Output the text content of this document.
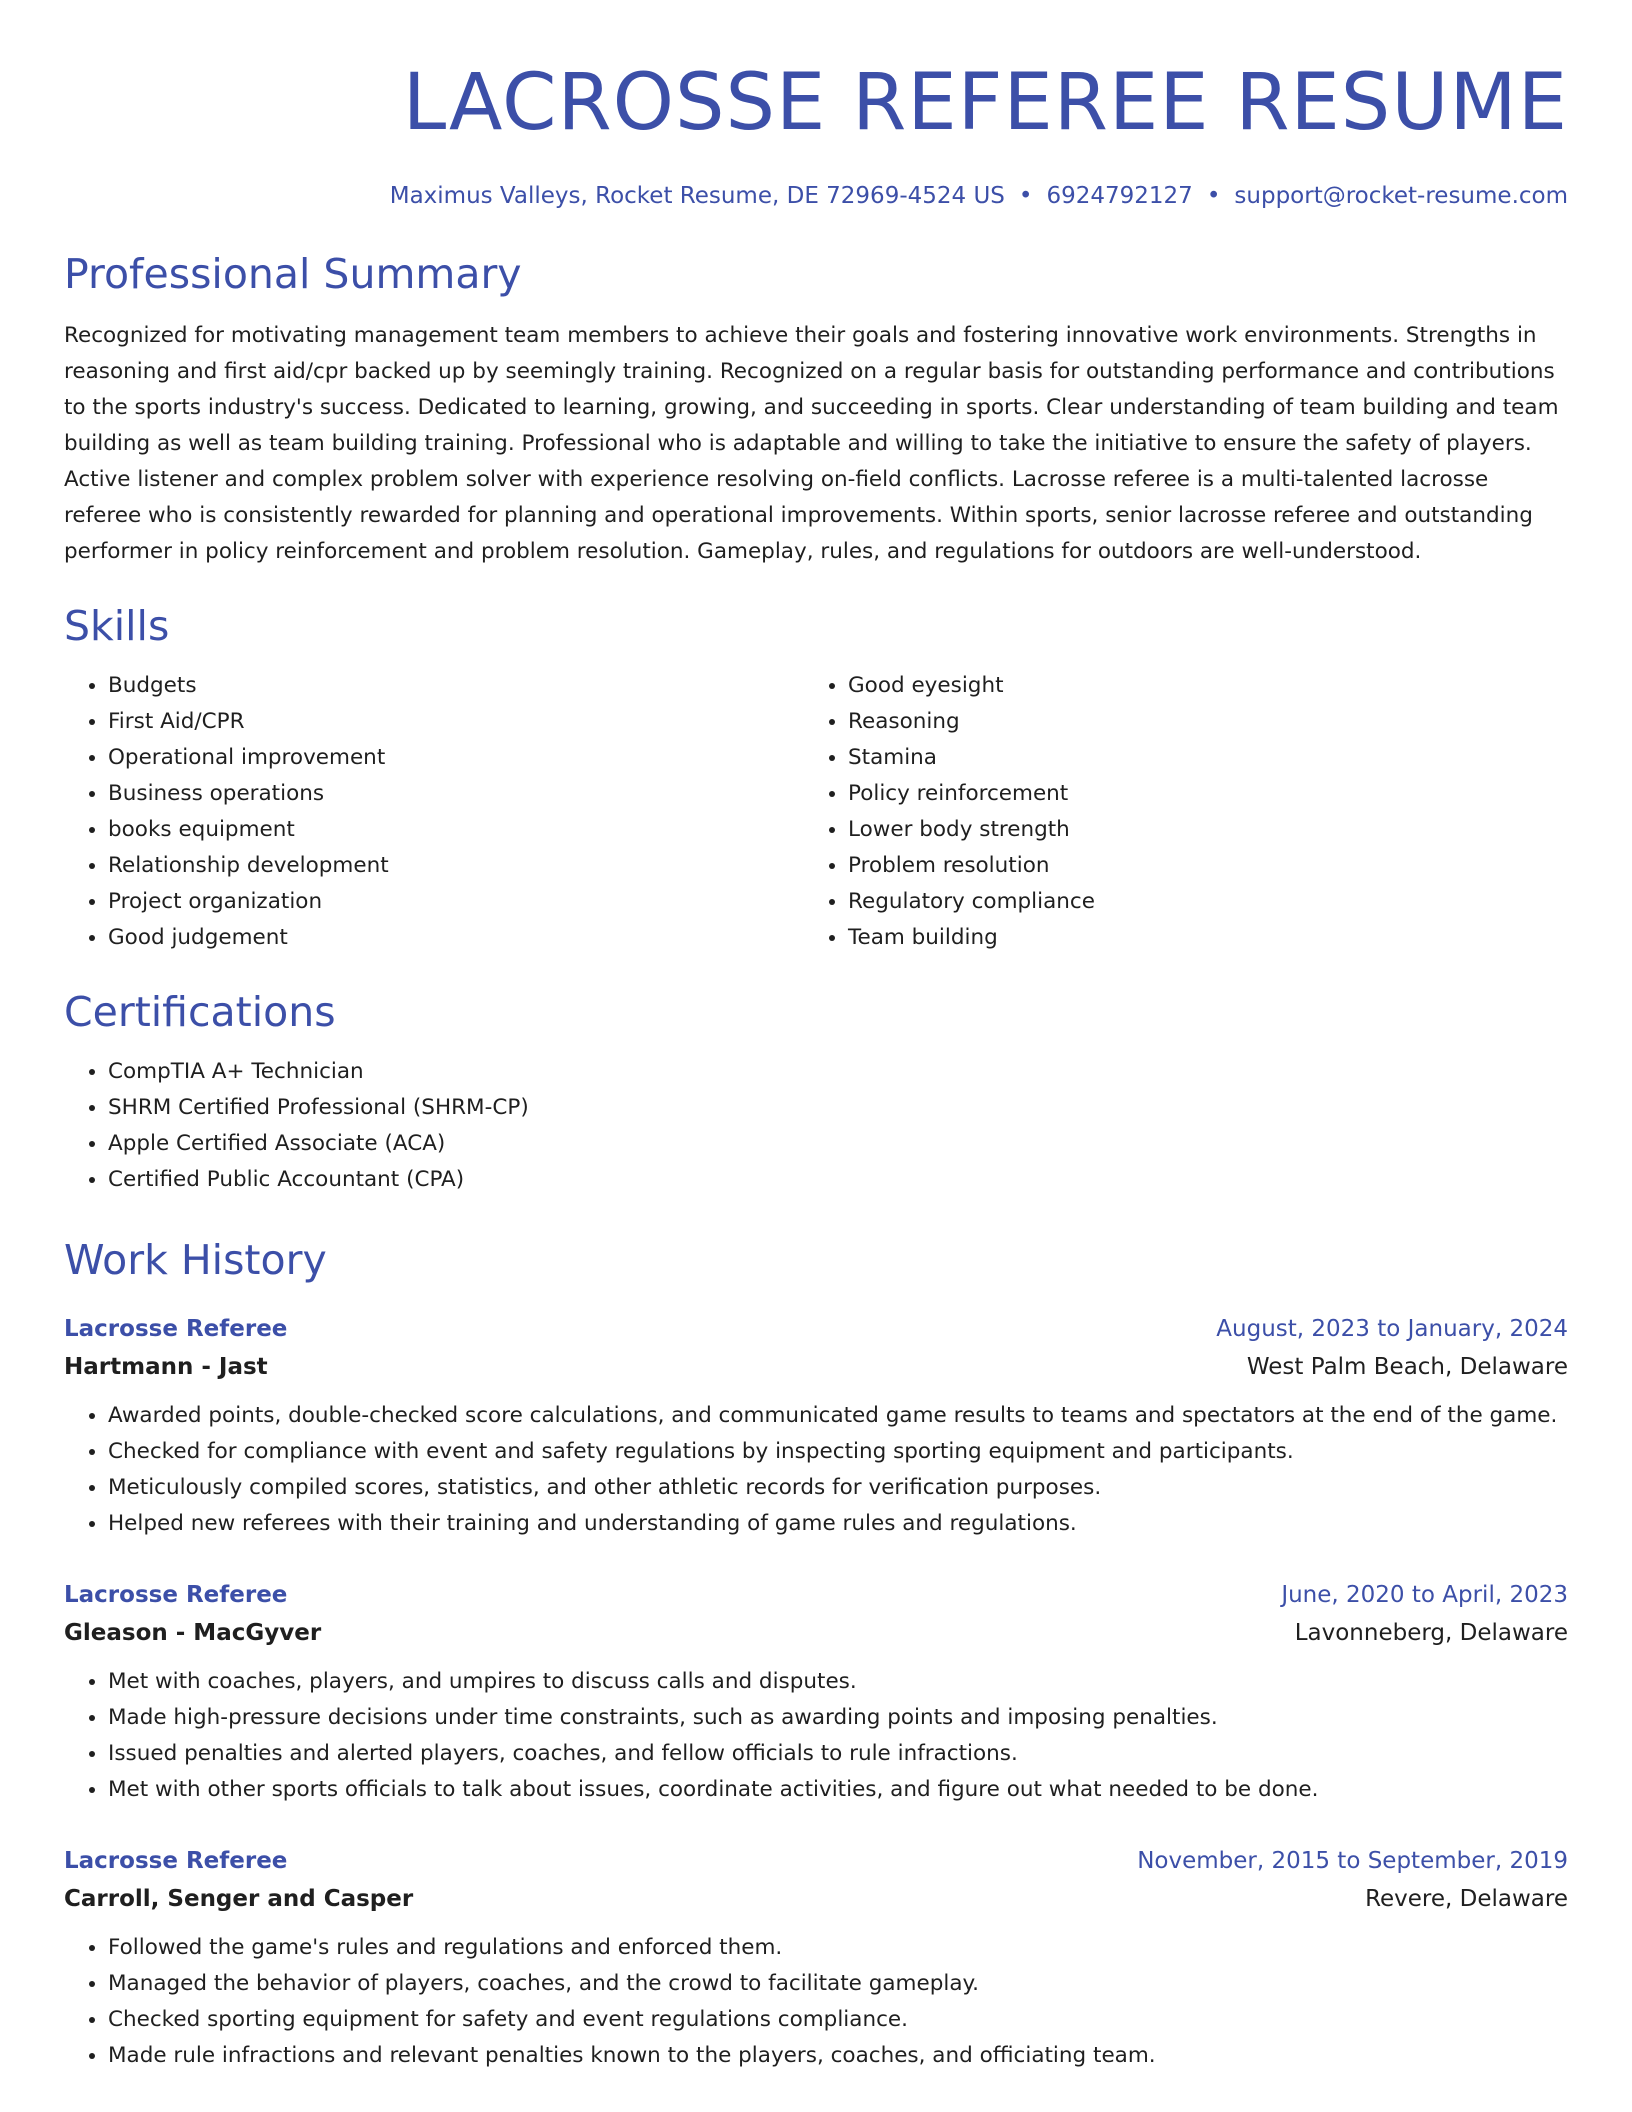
LACROSSE REFEREE RESUME
Maximus Valleys, Rocket Resume, DE 72969-4524 US • 6924792127 • support@rocket-resume.com
Professional Summary

Recognized for motivating management team members to achieve their goals and fostering innovative work environments. Strengths in reasoning and first aid/cpr backed up by seemingly training. Recognized on a regular basis for outstanding performance and contributions to the sports industry's success. Dedicated to learning, growing, and succeeding in sports. Clear understanding of team building and team building as well as team building training. Professional who is adaptable and willing to take the initiative to ensure the safety of players. Active listener and complex problem solver with experience resolving on-field conflicts. Lacrosse referee is a multi-talented lacrosse referee who is consistently rewarded for planning and operational improvements. Within sports, senior lacrosse referee and outstanding performer in policy reinforcement and problem resolution. Gameplay, rules, and regulations for outdoors are well-understood.

Skills
• Budgets
• First Aid/CPR
• Operational improvement
• Business operations
• books equipment
• Relationship development
• Project organization
• Good judgement
• Good eyesight
• Reasoning
• Stamina
• Policy reinforcement
• Lower body strength
• Problem resolution
• Regulatory compliance
• Team building
Certifications
• CompTIA A+ Technician
• SHRM Certified Professional (SHRM-CP)
• Apple Certified Associate (ACA)
• Certified Public Accountant (CPA)
Work History
Lacrosse Referee	August, 2023 to January, 2024
Hartmann - Jast	West Palm Beach, Delaware
• Awarded points, double-checked score calculations, and communicated game results to teams and spectators at the end of the game.
• Checked for compliance with event and safety regulations by inspecting sporting equipment and participants.
• Meticulously compiled scores, statistics, and other athletic records for verification purposes.
• Helped new referees with their training and understanding of game rules and regulations.
Lacrosse Referee	June, 2020 to April, 2023
Gleason - MacGyver	Lavonneberg, Delaware
• Met with coaches, players, and umpires to discuss calls and disputes.
• Made high-pressure decisions under time constraints, such as awarding points and imposing penalties.
• Issued penalties and alerted players, coaches, and fellow officials to rule infractions.
• Met with other sports officials to talk about issues, coordinate activities, and figure out what needed to be done.
Lacrosse Referee	November, 2015 to September, 2019
Carroll, Senger and Casper	Revere, Delaware
• Followed the game's rules and regulations and enforced them.
• Managed the behavior of players, coaches, and the crowd to facilitate gameplay.
• Checked sporting equipment for safety and event regulations compliance.
• Made rule infractions and relevant penalties known to the players, coaches, and officiating team.
